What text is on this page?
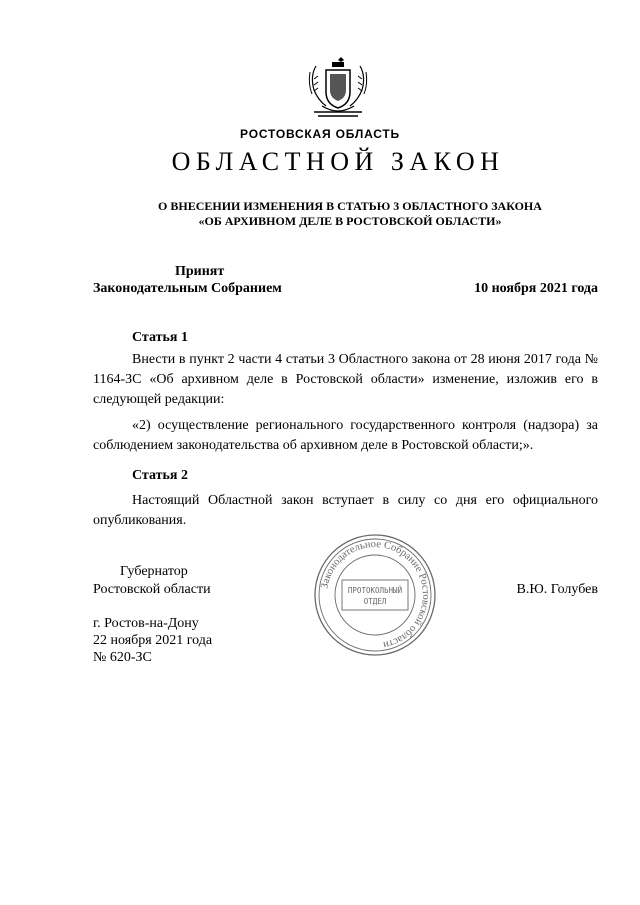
РОСТОВСКАЯ ОБЛАСТЬ
ОБЛАСТНОЙ ЗАКОН
О ВНЕСЕНИИ ИЗМЕНЕНИЯ В СТАТЬЮ 3 ОБЛАСТНОГО ЗАКОНА
«ОБ АРХИВНОМ ДЕЛЕ В РОСТОВСКОЙ ОБЛАСТИ»
Принят
Законодательным Собранием	10 ноября 2021 года
Статья 1
Внести в пункт 2 части 4 статьи 3 Областного закона от 28 июня 2017 года № 1164-ЗС «Об архивном деле в Ростовской области» изменение, изложив его в следующей редакции:
«2) осуществление регионального государственного контроля (надзора) за соблюдением законодательства об архивном деле в Ростовской области;».
Статья 2
Настоящий Областной закон вступает в силу со дня его официального опубликования.
Губернатор
Ростовской области	В.Ю. Голубев
г. Ростов-на-Дону
22 ноября 2021 года
№ 620-ЗС
Законодательное Собрание Ростовской области
ПРОТОКОЛЬНЫЙ
ОТДЕЛ
